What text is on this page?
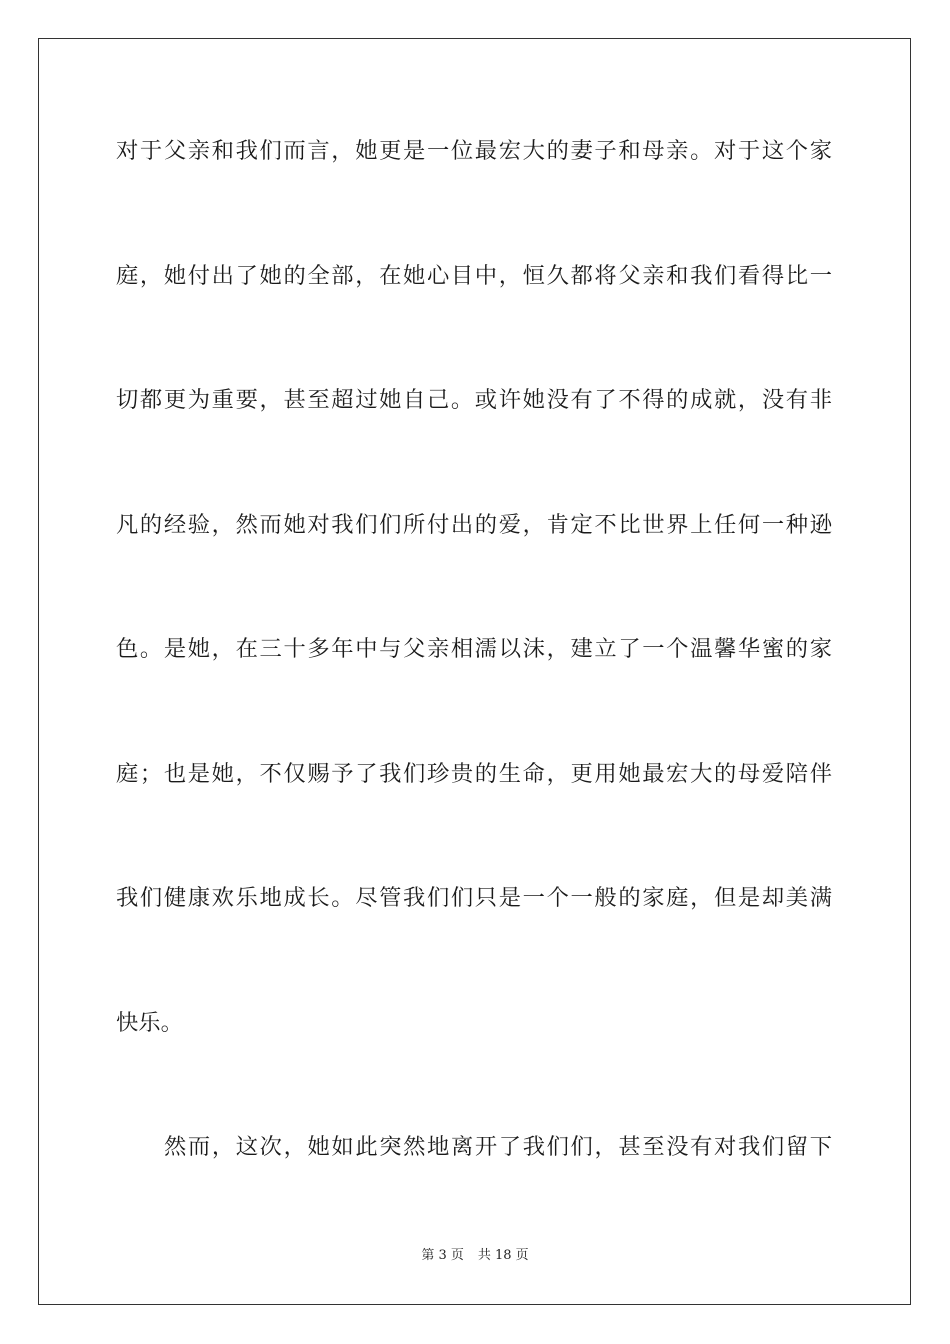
对于父亲和我们而言，她更是一位最宏大的妻子和母亲。对于这个家
庭，她付出了她的全部，在她心目中，恒久都将父亲和我们看得比一
切都更为重要，甚至超过她自己。或许她没有了不得的成就，没有非
凡的经验，然而她对我们们所付出的爱，肯定不比世界上任何一种逊
色。是她，在三十多年中与父亲相濡以沫，建立了一个温馨华蜜的家
庭；也是她，不仅赐予了我们珍贵的生命，更用她最宏大的母爱陪伴
我们健康欢乐地成长。尽管我们们只是一个一般的家庭，但是却美满
快乐。
然而，这次，她如此突然地离开了我们们，甚至没有对我们留下
第 3 页 共 18 页
